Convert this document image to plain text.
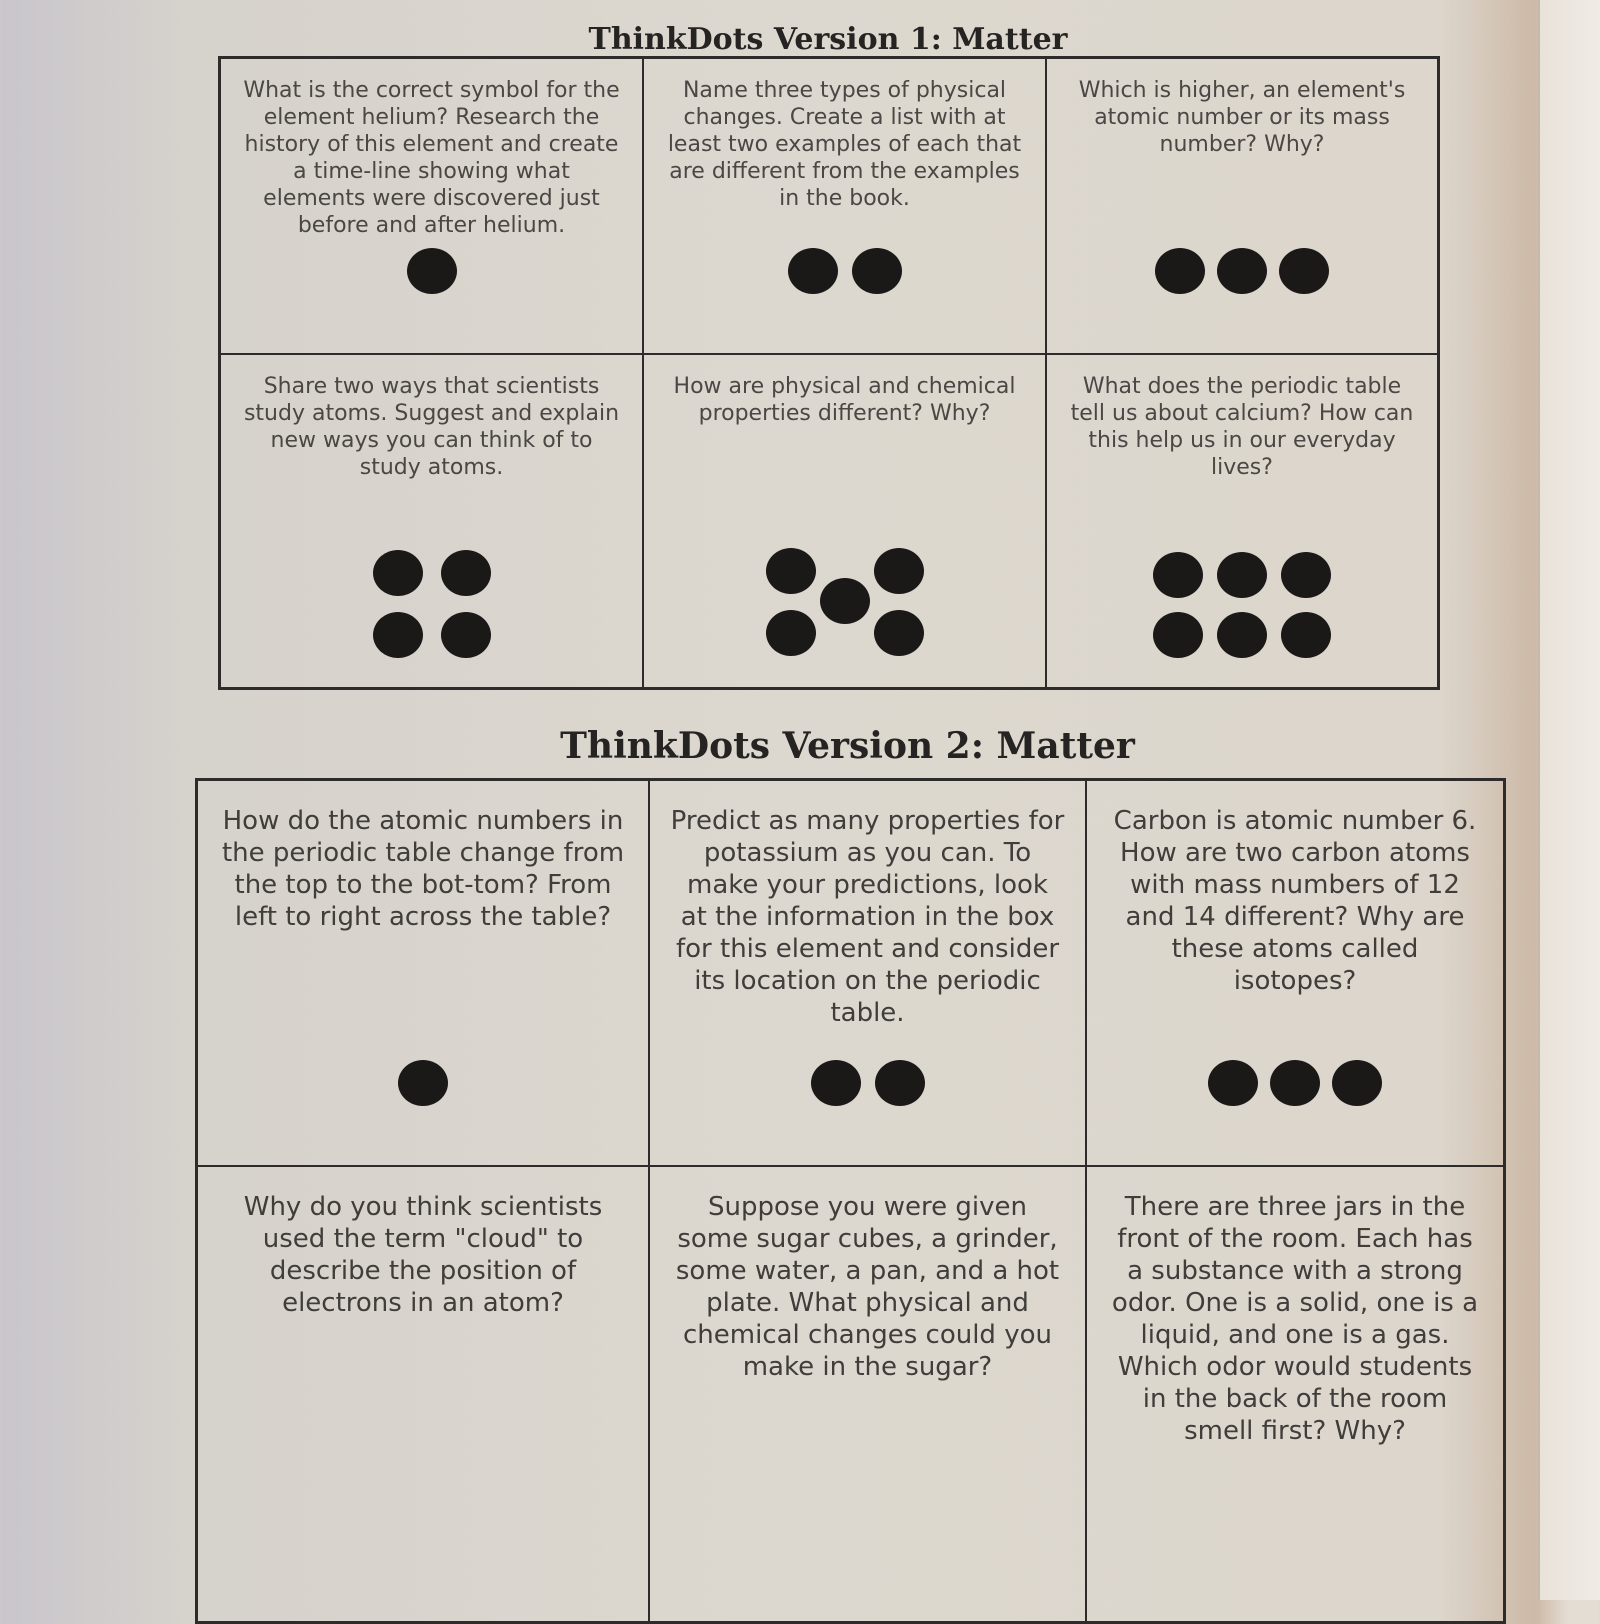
ThinkDots Version 1: Matter
What is the correct symbol for the element helium? Research the history of this element and create a time-line showing what elements were discovered just before and after helium.
Name three types of physical changes. Create a list with at least two examples of each that are different from the examples in the book.
Which is higher, an element's atomic number or its mass number? Why?
Share two ways that scientists study atoms. Suggest and explain new ways you can think of to study atoms.
How are physical and chemical properties different? Why?
What does the periodic table tell us about calcium? How can this help us in our everyday lives?
ThinkDots Version 2: Matter
How do the atomic numbers in the periodic table change from the top to the bot-tom? From left to right across the table?
Predict as many properties for potassium as you can. To make your predictions, look at the information in the box for this element and consider its location on the periodic table.
Carbon is atomic number 6. How are two carbon atoms with mass numbers of 12 and 14 different? Why are these atoms called isotopes?
Why do you think scientists used the term "cloud" to describe the position of electrons in an atom?
Suppose you were given some sugar cubes, a grinder, some water, a pan, and a hot plate. What physical and chemical changes could you make in the sugar?
There are three jars in the front of the room. Each has a substance with a strong odor. One is a solid, one is a liquid, and one is a gas. Which odor would students in the back of the room smell first? Why?
